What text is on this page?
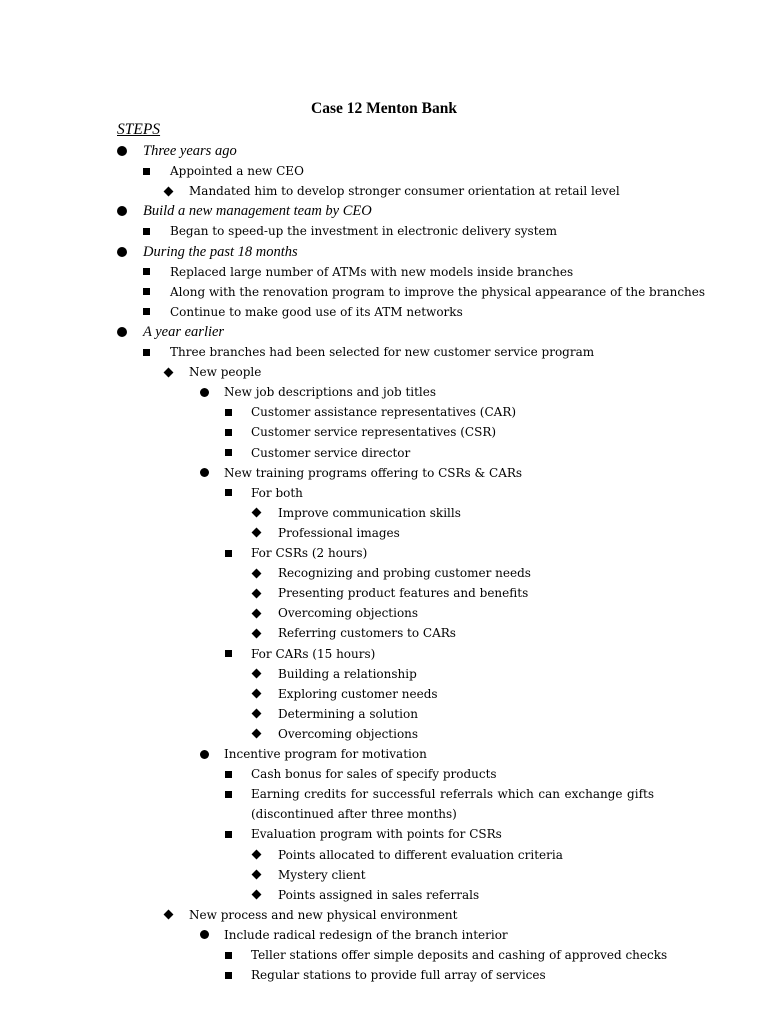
Case 12 Menton Bank
STEPS
Three years ago
Appointed a new CEO
Mandated him to develop stronger consumer orientation at retail level
Build a new management team by CEO
Began to speed-up the investment in electronic delivery system
During the past 18 months
Replaced large number of ATMs with new models inside branches
Along with the renovation program to improve the physical appearance of the branches
Continue to make good use of its ATM networks
A year earlier
Three branches had been selected for new customer service program
New people
New job descriptions and job titles
Customer assistance representatives (CAR)
Customer service representatives (CSR)
Customer service director
New training programs offering to CSRs & CARs
For both
Improve communication skills
Professional images
For CSRs (2 hours)
Recognizing and probing customer needs
Presenting product features and benefits
Overcoming objections
Referring customers to CARs
For CARs (15 hours)
Building a relationship
Exploring customer needs
Determining a solution
Overcoming objections
Incentive program for motivation
Cash bonus for sales of specify products
Earning credits for successful referrals which can exchange gifts
(discontinued after three months)
Evaluation program with points for CSRs
Points allocated to different evaluation criteria
Mystery client
Points assigned in sales referrals
New process and new physical environment
Include radical redesign of the branch interior
Teller stations offer simple deposits and cashing of approved checks
Regular stations to provide full array of services
